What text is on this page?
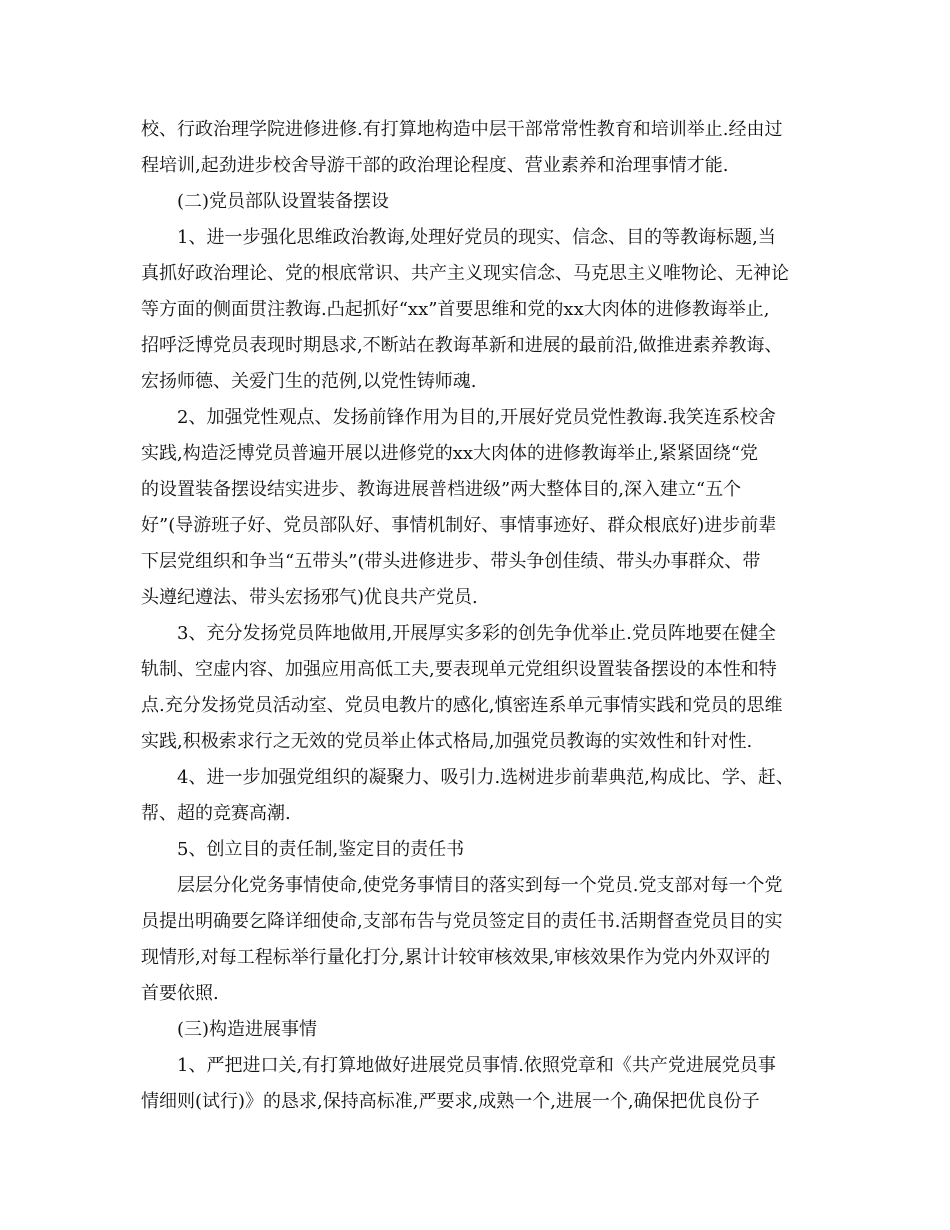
校、行政治理学院进修进修.有打算地构造中层干部常常性教育和培训举止.经由过
程培训,起劲进步校舍导游干部的政治理论程度、营业素养和治理事情才能.
(二)党员部队设置装备摆设
1、进一步强化思维政治教诲,处理好党员的现实、信念、目的等教诲标题,当
真抓好政治理论、党的根底常识、共产主义现实信念、马克思主义唯物论、无神论
等方面的侧面贯注教诲.凸起抓好“xx”首要思维和党的xx大肉体的进修教诲举止,
招呼泛博党员表现时期恳求,不断站在教诲革新和进展的最前沿,做推进素养教诲、
宏扬师德、关爱门生的范例,以党性铸师魂.
2、加强党性观点、发扬前锋作用为目的,开展好党员党性教诲.我笑连系校舍
实践,构造泛博党员普遍开展以进修党的xx大肉体的进修教诲举止,紧紧固绕“党
的设置装备摆设结实进步、教诲进展普档进级”两大整体目的,深入建立“五个
好”(导游班子好、党员部队好、事情机制好、事情事迹好、群众根底好)进步前辈
下层党组织和争当“五带头”(带头进修进步、带头争创佳绩、带头办事群众、带
头遵纪遵法、带头宏扬邪气)优良共产党员.
3、充分发扬党员阵地做用,开展厚实多彩的创先争优举止.党员阵地要在健全
轨制、空虚内容、加强应用高低工夫,要表现单元党组织设置装备摆设的本性和特
点.充分发扬党员活动室、党员电教片的感化,慎密连系单元事情实践和党员的思维
实践,积极索求行之无效的党员举止体式格局,加强党员教诲的实效性和针对性.
4、进一步加强党组织的凝聚力、吸引力.选树进步前辈典范,构成比、学、赶、
帮、超的竞赛高潮.
5、创立目的责任制,鉴定目的责任书
层层分化党务事情使命,使党务事情目的落实到每一个党员.党支部对每一个党
员提出明确要乞降详细使命,支部布告与党员签定目的责任书.活期督查党员目的实
现情形,对每工程标举行量化打分,累计计较审核效果,审核效果作为党内外双评的
首要依照.
(三)构造进展事情
1、严把进口关,有打算地做好进展党员事情.依照党章和《共产党进展党员事
情细则(试行)》的恳求,保持高标准,严要求,成熟一个,进展一个,确保把优良份子
